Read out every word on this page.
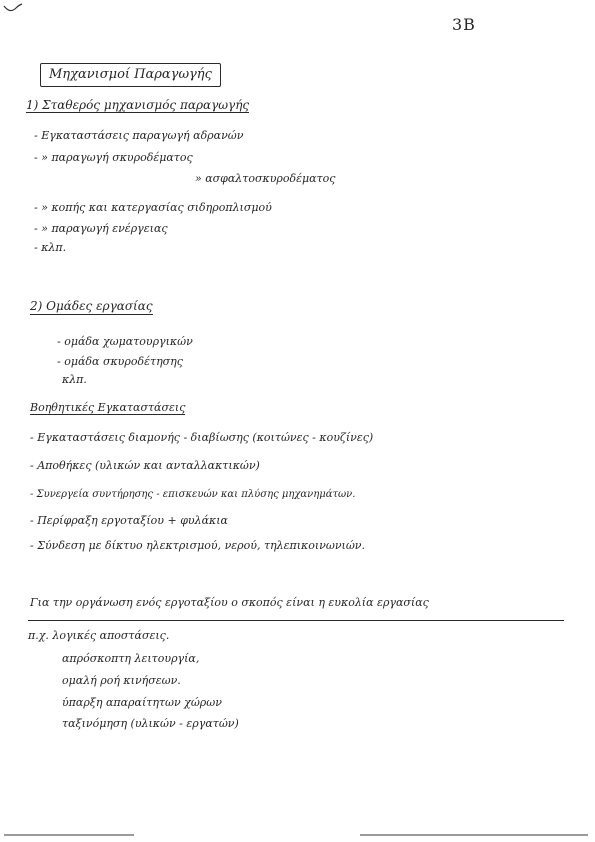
3B
Μηχανισμοί Παραγωγής
1) Σταθερός μηχανισμός παραγωγής
- Εγκαταστάσεις παραγωγή αδρανών
- » παραγωγή σκυροδέματος
» ασφαλτοσκυροδέματος
- » κοπής και κατεργασίας σιδηροπλισμού
- » παραγωγή ενέργειας
- κλπ.
2) Ομάδες εργασίας
- ομάδα χωματουργικών
- ομάδα σκυροδέτησης
κλπ.
Βοηθητικές Εγκαταστάσεις
- Εγκαταστάσεις διαμονής - διαβίωσης (κοιτώνες - κουζίνες)
- Αποθήκες (υλικών και ανταλλακτικών)
- Συνεργεία συντήρησης - επισκευών και πλύσης μηχανημάτων.
- Περίφραξη εργοταξίου + φυλάκια
- Σύνδεση με δίκτυο ηλεκτρισμού, νερού, τηλεπικοινωνιών.
Για την οργάνωση ενός εργοταξίου ο σκοπός είναι η ευκολία εργασίας
π.χ. λογικές αποστάσεις.
απρόσκοπτη λειτουργία,
ομαλή ροή κινήσεων.
ύπαρξη απαραίτητων χώρων
ταξινόμηση (υλικών - εργατών)
